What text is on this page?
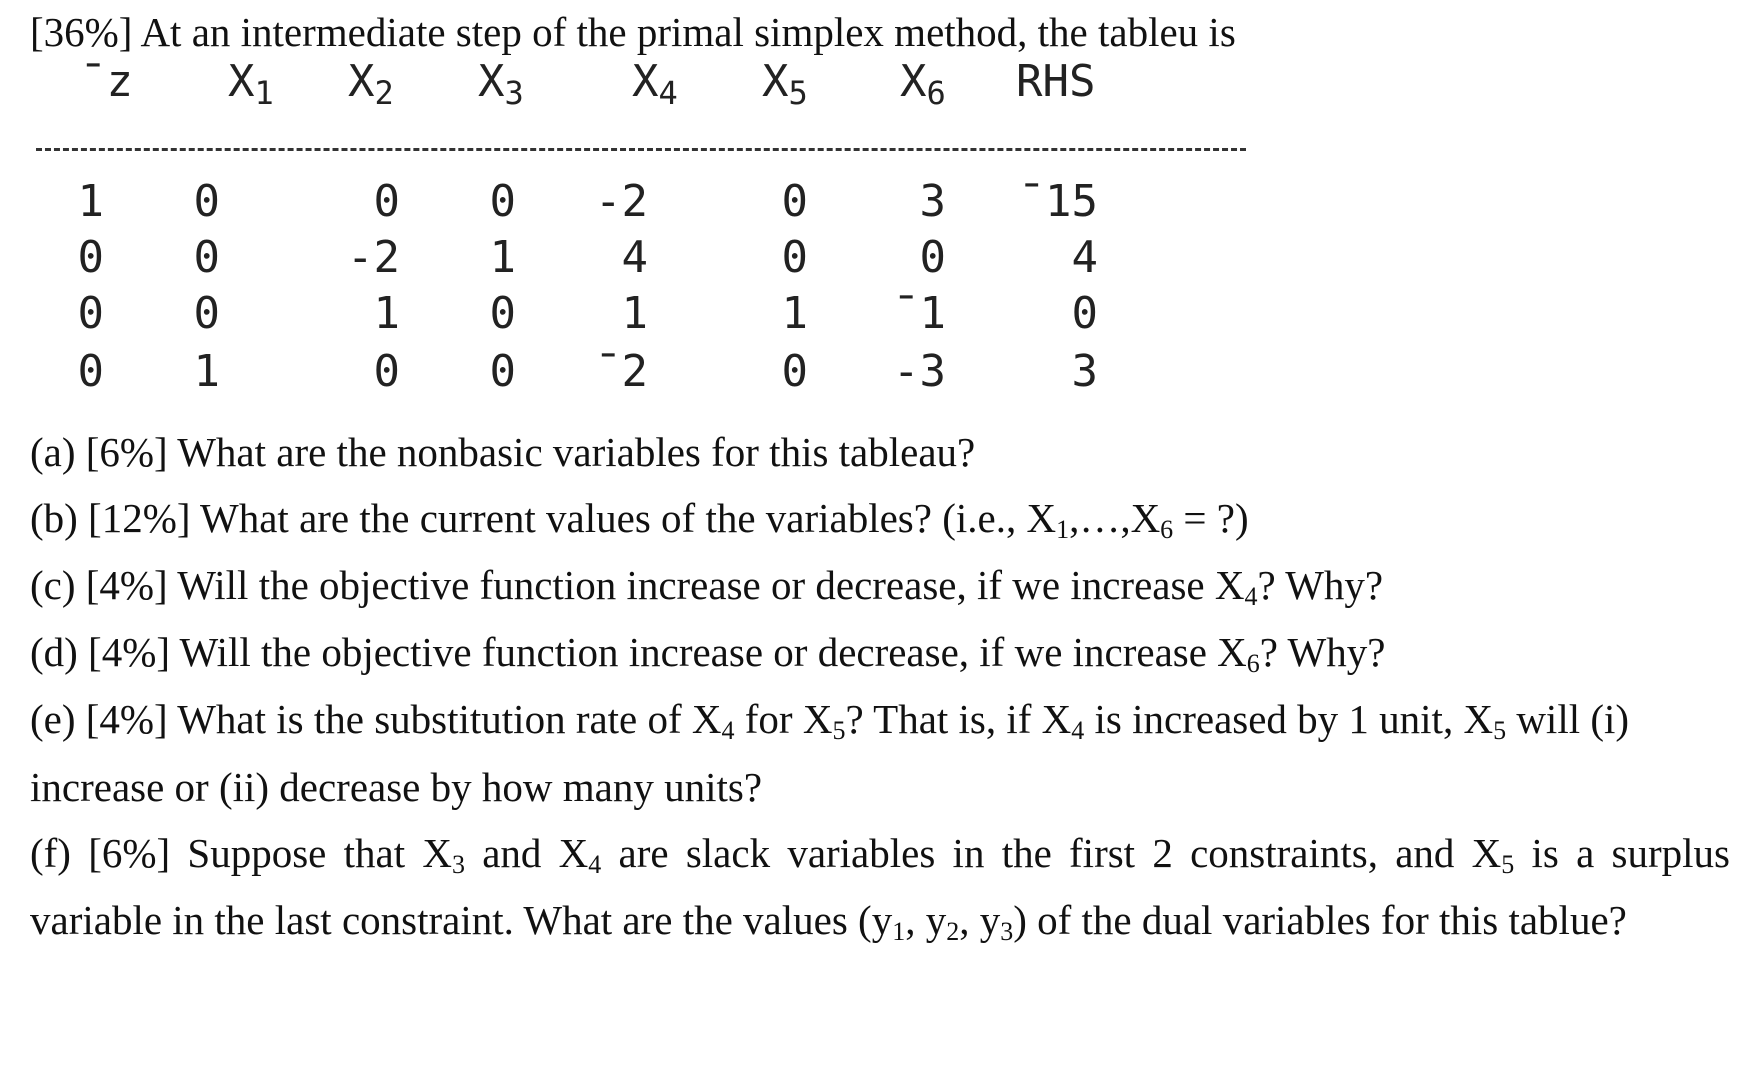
[36%] At an intermediate step of the primal simplex method, the tableu is
¯z $X_1$ $X_2$ $X_3$ $X_4$ $X_5$ $X_6$ RHS
1 0	0 0 -2	0	3 ¯15
0 0	-2 1 4	0	0	4
0 0	1 0 1	1 ¯1	0
0 1	0 0 ¯2	0 -3	3
(a) [6%] What are the nonbasic variables for this tableau?
(b) [12%] What are the current values of the variables? (i.e., $X_1,\dots,X_6$ = ?)
(c) [4%] Will the objective function increase or decrease, if we increase $X_4$? Why?
(d) [4%] Will the objective function increase or decrease, if we increase $X_6$? Why?
(e) [4%] What is the substitution rate of $X_4$ for $X_5$? That is, if $X_4$ is increased by 1 unit, $X_5$ will (i)
increase or (ii) decrease by how many units?
(f) [6%] Suppose that $X_3$ and $X_4$ are slack variables in the first 2 constraints, and $X_5$ is a surplus
variable in the last constraint. What are the values ($y_1$, $y_2$, $y_3$) of the dual variables for this tablue?
